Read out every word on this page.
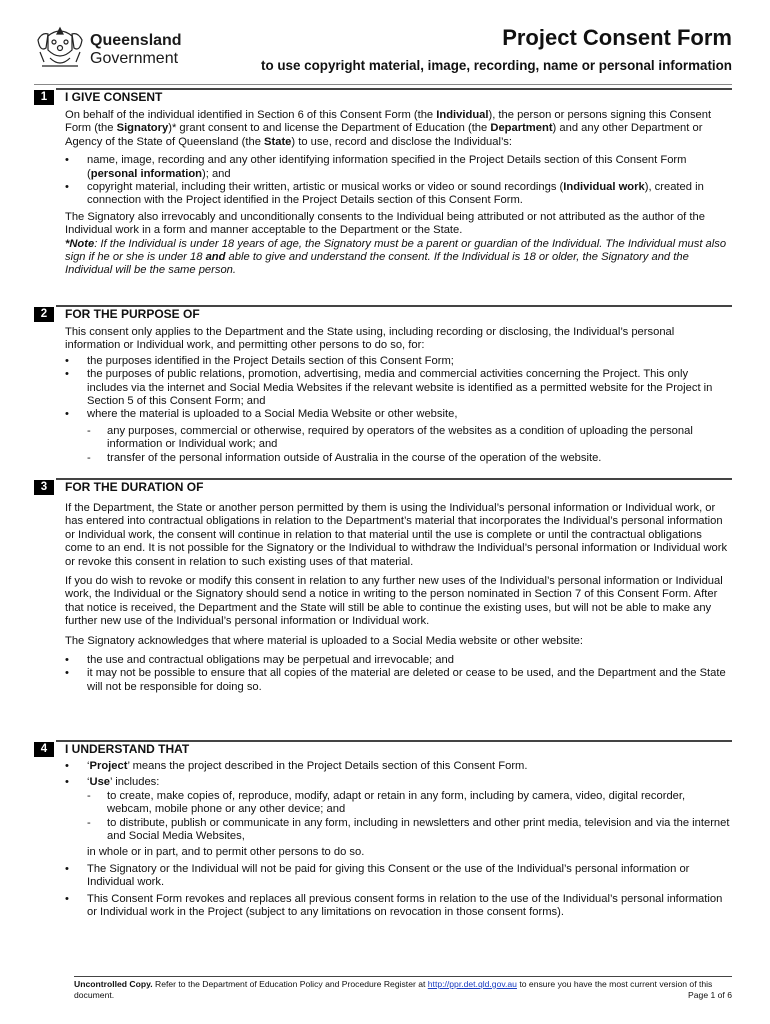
Queensland
Government
Project Consent Form
to use copyright material, image, recording, name or personal information
1	I GIVE CONSENT

On behalf of the individual identified in Section 6 of this Consent Form (the Individual), the person or persons signing this Consent Form (the Signatory)* grant consent to and license the Department of Education (the Department) and any other Department or Agency of the State of Queensland (the State) to use, record and disclose the Individual’s:

• name, image, recording and any other identifying information specified in the Project Details section of this Consent Form (personal information); and
• copyright material, including their written, artistic or musical works or video or sound recordings (Individual work), created in connection with the Project identified in the Project Details section of this Consent Form.

The Signatory also irrevocably and unconditionally consents to the Individual being attributed or not attributed as the author of the Individual work in a form and manner acceptable to the Department or the State.

*Note: If the Individual is under 18 years of age, the Signatory must be a parent or guardian of the Individual. The Individual must also sign if he or she is under 18 and able to give and understand the consent. If the Individual is 18 or older, the Signatory and the Individual will be the same person.

2	FOR THE PURPOSE OF

This consent only applies to the Department and the State using, including recording or disclosing, the Individual’s personal information or Individual work, and permitting other persons to do so, for:

• the purposes identified in the Project Details section of this Consent Form;
• the purposes of public relations, promotion, advertising, media and commercial activities concerning the Project. This only includes via the internet and Social Media Websites if the relevant website is identified as a permitted website for the Project in Section 5 of this Consent Form; and
• where the material is uploaded to a Social Media Website or other website,
- any purposes, commercial or otherwise, required by operators of the websites as a condition of uploading the personal information or Individual work; and
- transfer of the personal information outside of Australia in the course of the operation of the website.
3	FOR THE DURATION OF

If the Department, the State or another person permitted by them is using the Individual’s personal information or Individual work, or has entered into contractual obligations in relation to the Department’s material that incorporates the Individual’s personal information or Individual work, the consent will continue in relation to that material until the use is complete or until the contractual obligations come to an end. It is not possible for the Signatory or the Individual to withdraw the Individual’s personal information or Individual work or revoke this consent in relation to such existing uses of that material.

If you do wish to revoke or modify this consent in relation to any further new uses of the Individual’s personal information or Individual work, the Individual or the Signatory should send a notice in writing to the person nominated in Section 7 of this Consent Form. After that notice is received, the Department and the State will still be able to continue the existing uses, but will not be able to make any further new use of the Individual’s personal information or Individual work.

The Signatory acknowledges that where material is uploaded to a Social Media website or other website:

• the use and contractual obligations may be perpetual and irrevocable; and
• it may not be possible to ensure that all copies of the material are deleted or cease to be used, and the Department and the State will not be responsible for doing so.
4	I UNDERSTAND THAT
• ‘Project’ means the project described in the Project Details section of this Consent Form.
• ‘Use’ includes:
- to create, make copies of, reproduce, modify, adapt or retain in any form, including by camera, video, digital recorder, webcam, mobile phone or any other device; and
- to distribute, publish or communicate in any form, including in newsletters and other print media, television and via the internet and Social Media Websites,

in whole or in part, and to permit other persons to do so.

• The Signatory or the Individual will not be paid for giving this Consent or the use of the Individual’s personal information or Individual work.
• This Consent Form revokes and replaces all previous consent forms in relation to the use of the Individual’s personal information or Individual work in the Project (subject to any limitations on revocation in those consent forms).
Uncontrolled Copy. Refer to the Department of Education Policy and Procedure Register at http://ppr.det.qld.gov.au to ensure you have the most current version of this document.	Page 1 of 6
